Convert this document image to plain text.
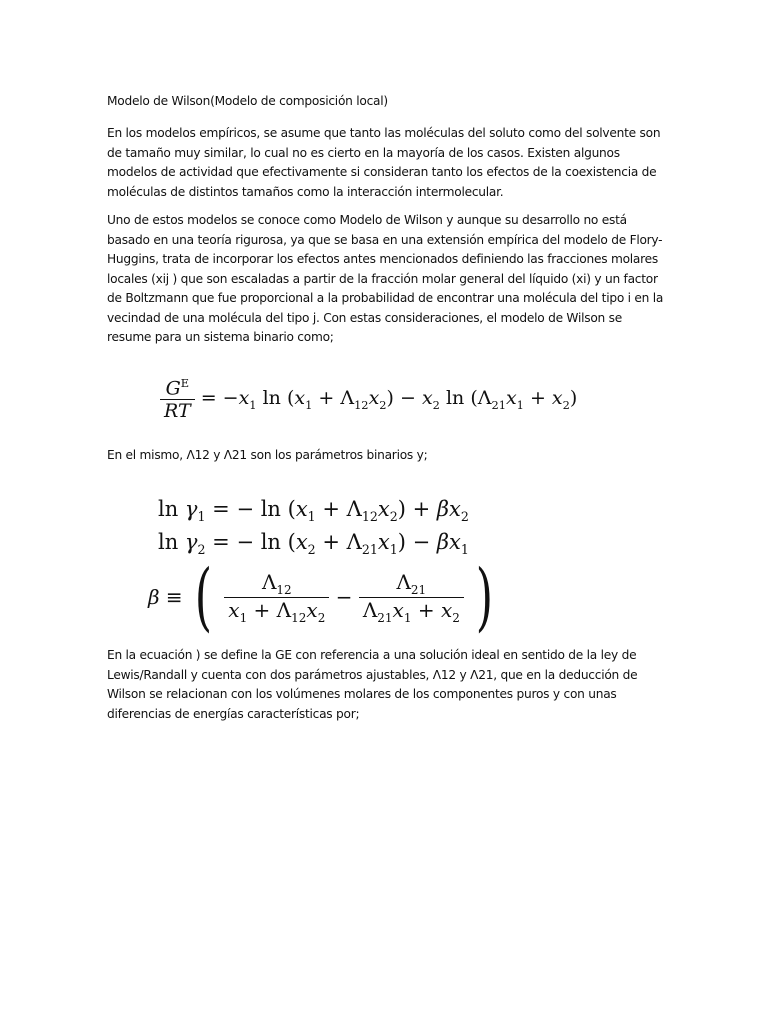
Modelo de Wilson(Modelo de composición local)

En los modelos empíricos, se asume que tanto las moléculas del soluto como del solvente son de tamaño muy similar, lo cual no es cierto en la mayoría de los casos. Existen algunos modelos de actividad que efectivamente si consideran tanto los efectos de la coexistencia de moléculas de distintos tamaños como la interacción intermolecular.

Uno de estos modelos se conoce como Modelo de Wilson y aunque su desarrollo no está basado en una teoría rigurosa, ya que se basa en una extensión empírica del modelo de Flory-Huggins, trata de incorporar los efectos antes mencionados definiendo las fracciones molares locales (xij ) que son escaladas a partir de la fracción molar general del líquido (xi) y un factor de Boltzmann que fue proporcional a la probabilidad de encontrar una molécula del tipo i en la vecindad de una molécula del tipo j. Con estas consideraciones, el modelo de Wilson se resume para un sistema binario como;

$\frac{G^E}{RT} = -x_1$ $\ln (x_1 + \Lambda_{12}x_2) - x_2$ $\ln (\Lambda_{21}x_1 + x_2)$

En el mismo, Λ12 y Λ21 son los parámetros binarios y;

$\ln \gamma_1$ = − $\ln (x_1 + \Lambda_{12}x_2) + \beta x_2$
$\ln \gamma_2$ = − $\ln (x_2 + \Lambda_{21}x_1) - \beta x_1$
β ≡ ( $\frac{\Lambda_{12}}{x_1 + \Lambda_{12}x_2} - \frac{\Lambda_{21}}{\Lambda_{21}x_1 + x_2}$ )

En la ecuación ) se define la GE con referencia a una solución ideal en sentido de la ley de Lewis/Randall y cuenta con dos parámetros ajustables, Λ12 y Λ21, que en la deducción de Wilson se relacionan con los volúmenes molares de los componentes puros y con unas diferencias de energías características por;
